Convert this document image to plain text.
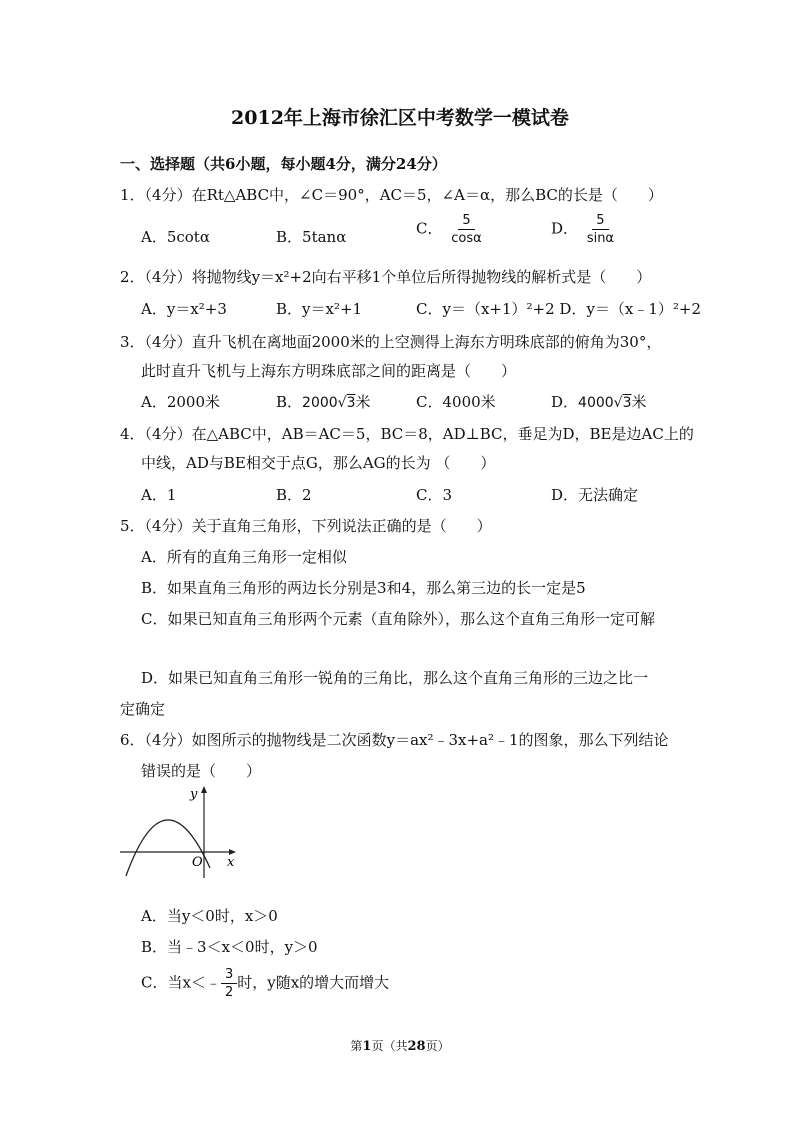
2012年上海市徐汇区中考数学一模试卷
一、选择题（共6小题，每小题4分，满分24分）
1．（4分）在Rt△ABC中，∠C＝90°，AC＝5，∠A＝α，那么BC的长是（　　）
A．5cotα	B．5tanα	C． $\frac{5}{\cos\alpha}$	D． $\frac{5}{\sin\alpha}$
2．（4分）将抛物线y＝x²+2向右平移1个单位后所得抛物线的解析式是（　　）
A．y＝x²+3	B．y＝x²+1	C．y＝（x+1）²+2 D．y＝（x﹣1）²+2
3．（4分）直升飞机在离地面2000米的上空测得上海东方明珠底部的俯角为30°，
此时直升飞机与上海东方明珠底部之间的距离是（　　）
A．2000米	B．2000√3米	C．4000米	D．4000√3米
4．（4分）在△ABC中，AB＝AC＝5，BC＝8，AD⊥BC，垂足为D，BE是边AC上的
中线，AD与BE相交于点G，那么AG的长为 （　　）
A．1	B．2	C．3	D．无法确定
5．（4分）关于直角三角形，下列说法正确的是（　　）
A．所有的直角三角形一定相似
B．如果直角三角形的两边长分别是3和4，那么第三边的长一定是5
C．如果已知直角三角形两个元素（直角除外），那么这个直角三角形一定可解
D．如果已知直角三角形一锐角的三角比，那么这个直角三角形的三边之比一
定确定
6．（4分）如图所示的抛物线是二次函数y＝ax²﹣3x+a²﹣1的图象，那么下列结论
错误的是（　　）
y
x
O
A．当y＜0时，x＞0
B．当﹣3＜x＜0时，y＞0
C．当x＜﹣ $\frac{3}{2}$ 时，y随x的增大而增大
第1页（共28页）
